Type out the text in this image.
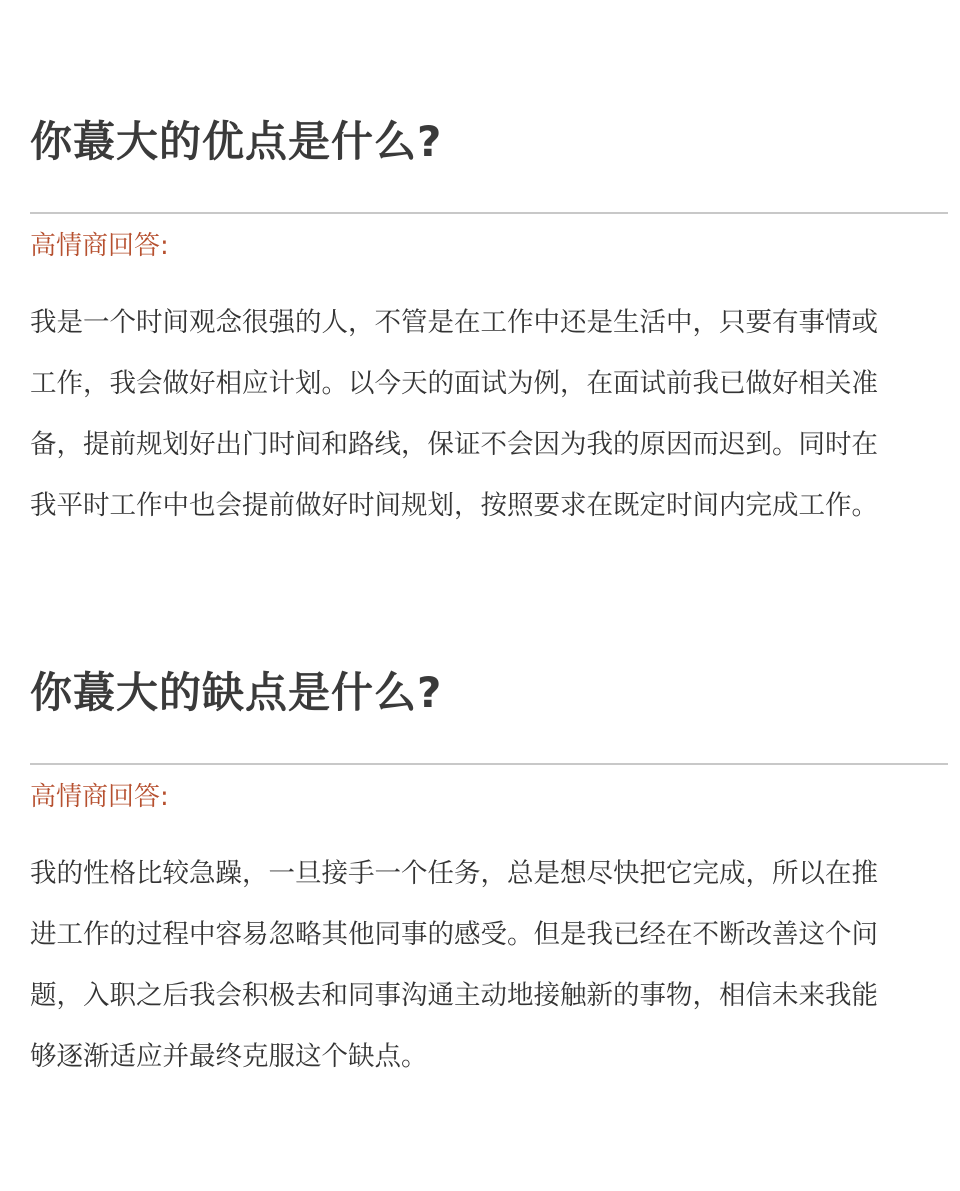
你蕞大的优点是什么?
高情商回答:
我是一个时间观念很强的人，不管是在工作中还是生活中，只要有事情或
工作，我会做好相应计划。以今天的面试为例，在面试前我已做好相关准
备，提前规划好出门时间和路线，保证不会因为我的原因而迟到。同时在
我平时工作中也会提前做好时间规划，按照要求在既定时间内完成工作。
你蕞大的缺点是什么?
高情商回答:
我的性格比较急躁，一旦接手一个任务，总是想尽快把它完成，所以在推
进工作的过程中容易忽略其他同事的感受。但是我已经在不断改善这个问
题，入职之后我会积极去和同事沟通主动地接触新的事物，相信未来我能
够逐渐适应并最终克服这个缺点。
